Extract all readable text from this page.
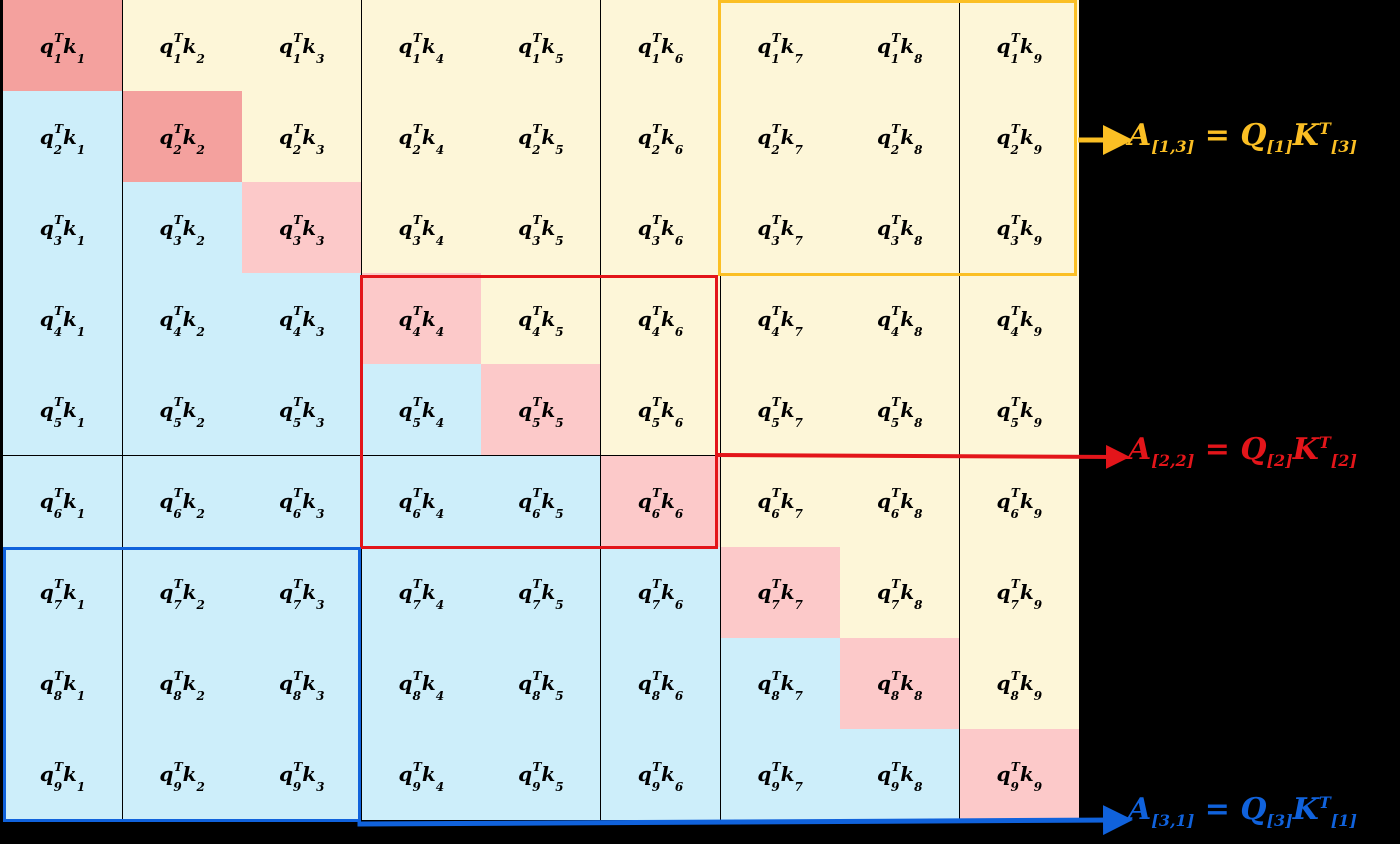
$q_1^Tk_1$
$q_1^Tk_2$
$q_1^Tk_3$
$q_1^Tk_4$
$q_1^Tk_5$
$q_1^Tk_6$
$q_1^Tk_7$
$q_1^Tk_8$
$q_1^Tk_9$
$q_2^Tk_1$
$q_2^Tk_2$
$q_2^Tk_3$
$q_2^Tk_4$
$q_2^Tk_5$
$q_2^Tk_6$
$q_2^Tk_7$
$q_2^Tk_8$
$q_2^Tk_9$
$q_3^Tk_1$
$q_3^Tk_2$
$q_3^Tk_3$
$q_3^Tk_4$
$q_3^Tk_5$
$q_3^Tk_6$
$q_3^Tk_7$
$q_3^Tk_8$
$q_3^Tk_9$
$q_4^Tk_1$
$q_4^Tk_2$
$q_4^Tk_3$
$q_4^Tk_4$
$q_4^Tk_5$
$q_4^Tk_6$
$q_4^Tk_7$
$q_4^Tk_8$
$q_4^Tk_9$
$q_5^Tk_1$
$q_5^Tk_2$
$q_5^Tk_3$
$q_5^Tk_4$
$q_5^Tk_5$
$q_5^Tk_6$
$q_5^Tk_7$
$q_5^Tk_8$
$q_5^Tk_9$
$q_6^Tk_1$
$q_6^Tk_2$
$q_6^Tk_3$
$q_6^Tk_4$
$q_6^Tk_5$
$q_6^Tk_6$
$q_6^Tk_7$
$q_6^Tk_8$
$q_6^Tk_9$
$q_7^Tk_1$
$q_7^Tk_2$
$q_7^Tk_3$
$q_7^Tk_4$
$q_7^Tk_5$
$q_7^Tk_6$
$q_7^Tk_7$
$q_7^Tk_8$
$q_7^Tk_9$
$q_8^Tk_1$
$q_8^Tk_2$
$q_8^Tk_3$
$q_8^Tk_4$
$q_8^Tk_5$
$q_8^Tk_6$
$q_8^Tk_7$
$q_8^Tk_8$
$q_8^Tk_9$
$q_9^Tk_1$
$q_9^Tk_2$
$q_9^Tk_3$
$q_9^Tk_4$
$q_9^Tk_5$
$q_9^Tk_6$
$q_9^Tk_7$
$q_9^Tk_8$
$q_9^Tk_9$
$A_{[1,3]} = Q_{[1]}K^T_{[3]}$
$A_{[2,2]} = Q_{[2]}K^T_{[2]}$
$A_{[3,1]} = Q_{[3]}K^T_{[1]}$
